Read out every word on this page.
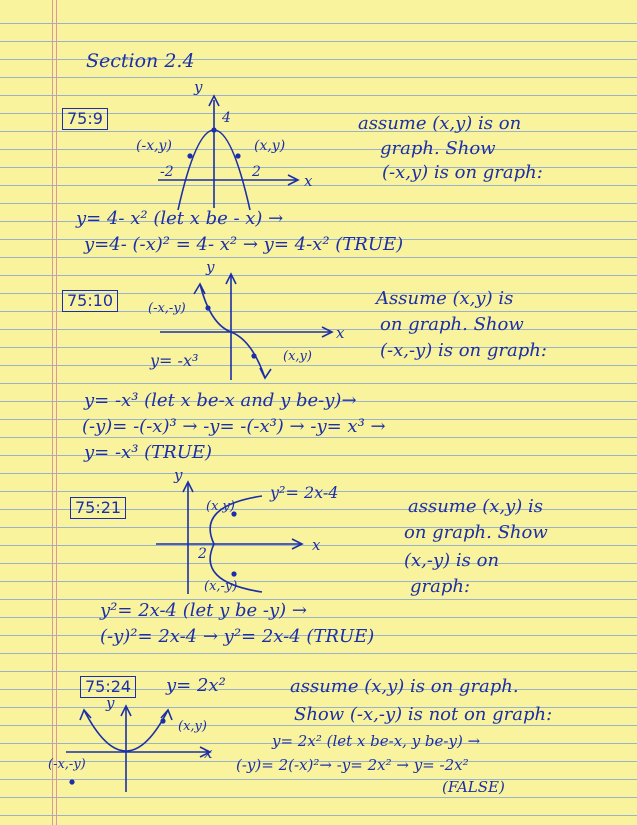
Section 2.4
75:9
y
x
4
(-x,y)	(x,y)
-2	2
assume (x,y) is on
graph. Show
(-x,y) is on graph:
y= 4- x² (let x be - x) →
y=4- (-x)² = 4- x² → y= 4-x² (TRUE)
75:10
y
x
(-x,-y)
(x,y)
y= -x³
Assume (x,y) is
on graph. Show
(-x,-y) is on graph:
y= -x³ (let x be-x and y be-y)→
(-y)= -(-x)³ → -y= -(-x³) → -y= x³ →
y= -x³ (TRUE)
75:21
y
x
2
(x,y)
(x,-y)
y²= 2x-4
assume (x,y) is
on graph. Show
(x,-y) is on
graph:
y²= 2x-4 (let y be -y) →
(-y)²= 2x-4 → y²= 2x-4 (TRUE)
75:24 y= 2x²
y
x
(x,y)
(-x,-y)
assume (x,y) is on graph.
Show (-x,-y) is not on graph:
y= 2x² (let x be-x, y be-y) →
(-y)= 2(-x)²→ -y= 2x² → y= -2x²
(FALSE)
